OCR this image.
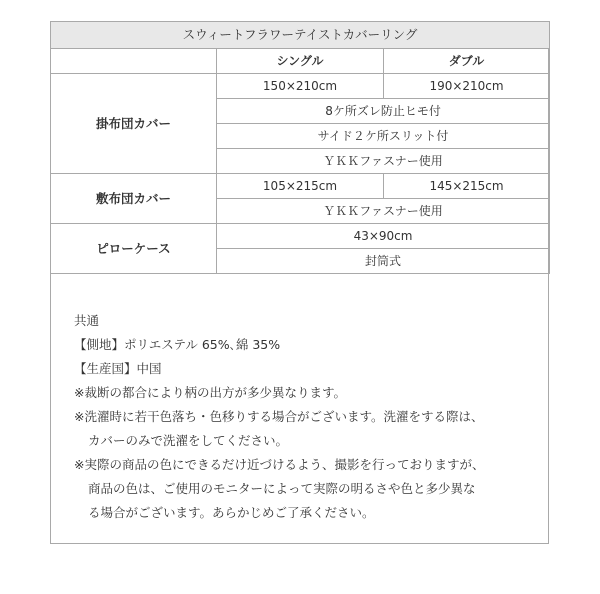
スウィートフラワーテイストカバーリング		
	シングル	ダブル
掛布団カバー	150×210cm	190×210cm
	8ケ所ズレ防止ヒモ付	
	サイド２ケ所スリット付	
	ＹＫＫファスナー使用	
敷布団カバー	105×215cm	145×215cm
	ＹＫＫファスナー使用	
ピローケース	43×90cm	
	封筒式	
共通
【側地】ポリエステル 65%､綿 35%
【生産国】中国
※裁断の都合により柄の出方が多少異なります。
※洗濯時に若干色落ち・色移りする場合がございます。洗濯をする際は、
カバーのみで洗濯をしてください。
※実際の商品の色にできるだけ近づけるよう、撮影を行っておりますが、
商品の色は、ご使用のモニターによって実際の明るさや色と多少異な
る場合がございます。あらかじめご了承ください。
